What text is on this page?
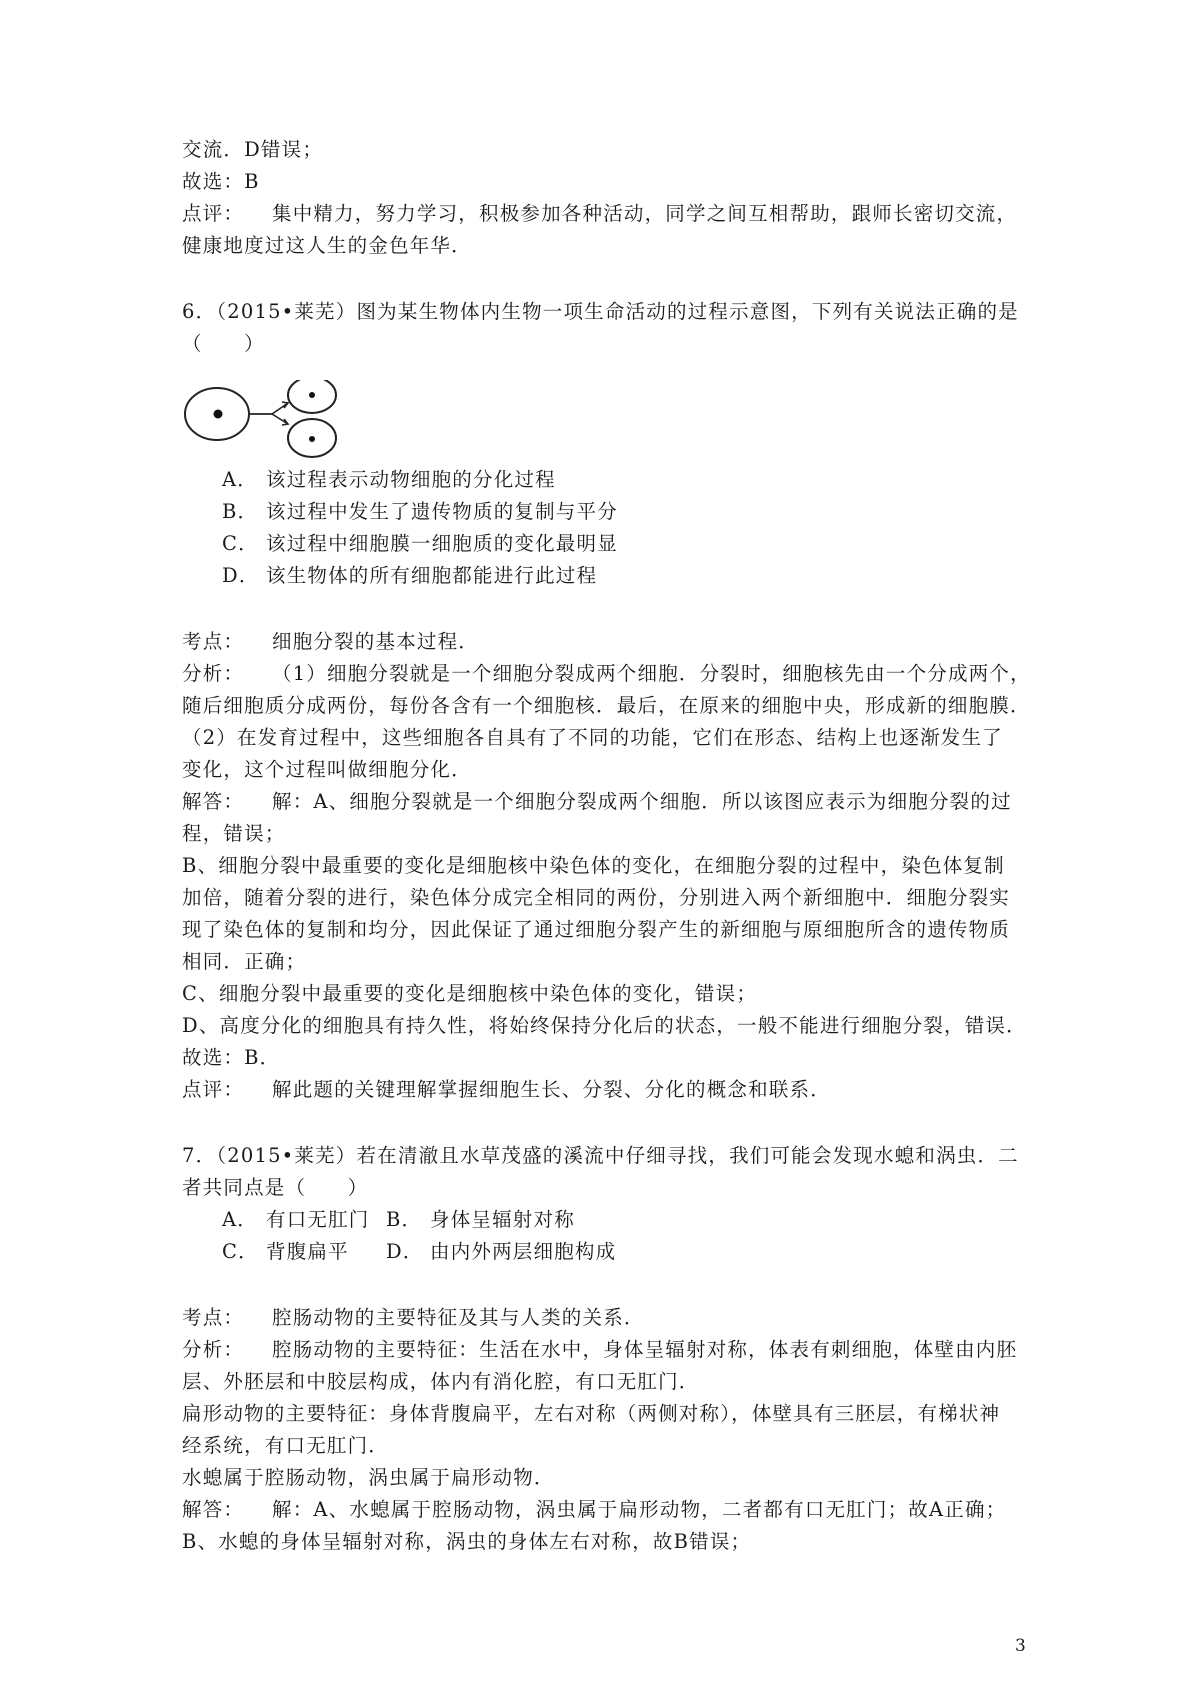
交流．D错误；
故选：B
点评： 集中精力，努力学习，积极参加各种活动，同学之间互相帮助，跟师长密切交流，
健康地度过这人生的金色年华．
6．（2015•莱芜）图为某生物体内生物一项生命活动的过程示意图，下列有关说法正确的是
（　　）
A． 该过程表示动物细胞的分化过程
B． 该过程中发生了遗传物质的复制与平分
C． 该过程中细胞膜一细胞质的变化最明显
D． 该生物体的所有细胞都能进行此过程
考点： 细胞分裂的基本过程．
分析： （1）细胞分裂就是一个细胞分裂成两个细胞．分裂时，细胞核先由一个分成两个，
随后细胞质分成两份，每份各含有一个细胞核．最后，在原来的细胞中央，形成新的细胞膜．
（2）在发育过程中，这些细胞各自具有了不同的功能，它们在形态、结构上也逐渐发生了
变化，这个过程叫做细胞分化．
解答： 解：A、细胞分裂就是一个细胞分裂成两个细胞．所以该图应表示为细胞分裂的过
程，错误；
B、细胞分裂中最重要的变化是细胞核中染色体的变化，在细胞分裂的过程中，染色体复制
加倍，随着分裂的进行，染色体分成完全相同的两份，分别进入两个新细胞中．细胞分裂实
现了染色体的复制和均分，因此保证了通过细胞分裂产生的新细胞与原细胞所含的遗传物质
相同．正确；
C、细胞分裂中最重要的变化是细胞核中染色体的变化，错误；
D、高度分化的细胞具有持久性，将始终保持分化后的状态，一般不能进行细胞分裂，错误．
故选：B．
点评： 解此题的关键理解掌握细胞生长、分裂、分化的概念和联系．
7．（2015•莱芜）若在清澈且水草茂盛的溪流中仔细寻找，我们可能会发现水螅和涡虫．二
者共同点是（　　）
A． 有口无肛门 B． 身体呈辐射对称
C． 背腹扁平 D． 由内外两层细胞构成
考点： 腔肠动物的主要特征及其与人类的关系．
分析： 腔肠动物的主要特征：生活在水中，身体呈辐射对称，体表有刺细胞，体壁由内胚
层、外胚层和中胶层构成，体内有消化腔，有口无肛门．
扁形动物的主要特征：身体背腹扁平，左右对称（两侧对称），体壁具有三胚层，有梯状神
经系统，有口无肛门．
水螅属于腔肠动物，涡虫属于扁形动物．
解答： 解：A、水螅属于腔肠动物，涡虫属于扁形动物，二者都有口无肛门；故A正确；
B、水螅的身体呈辐射对称，涡虫的身体左右对称，故B错误；
3
